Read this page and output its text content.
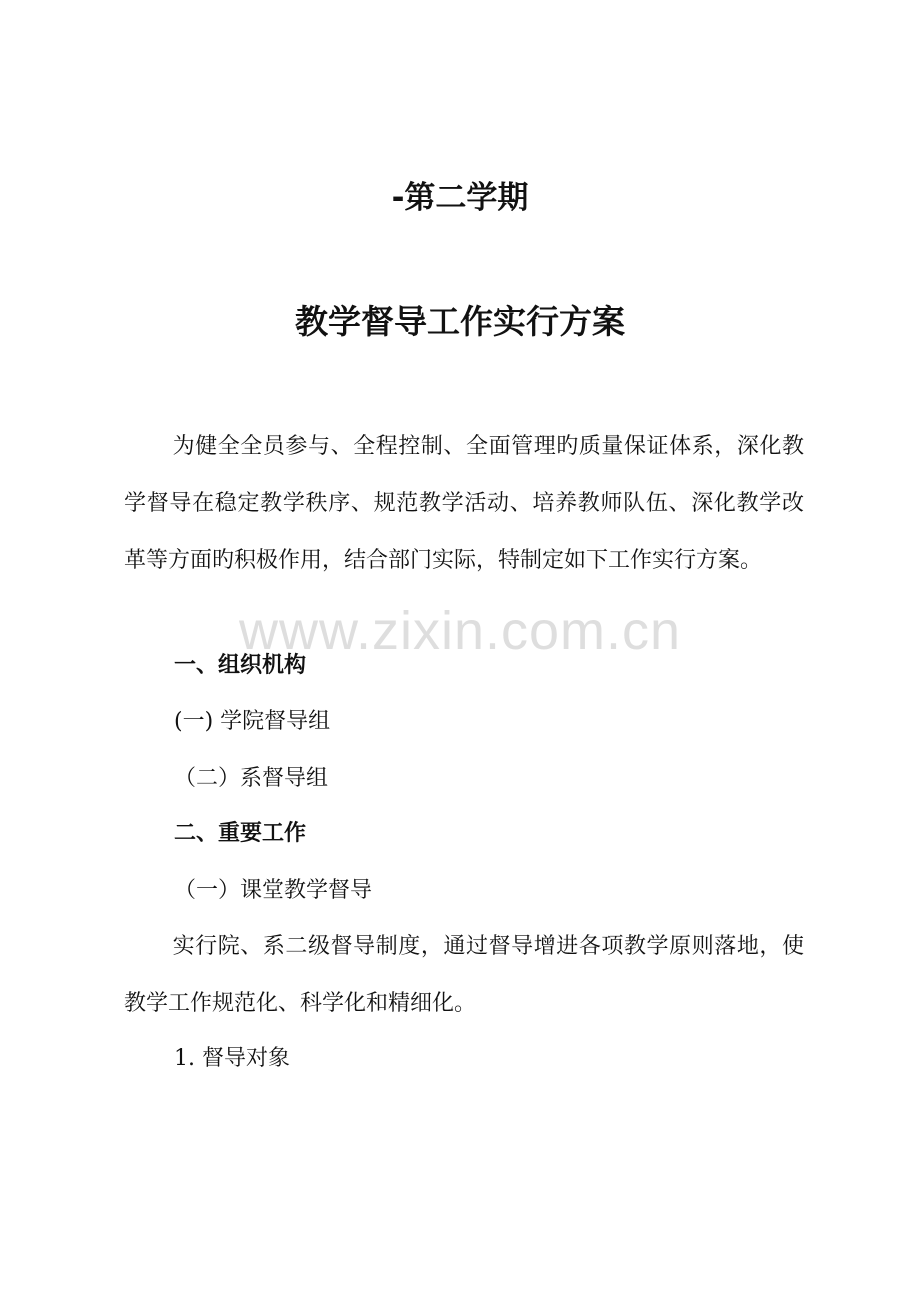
-第二学期
教学督导工作实行方案

为健全全员参与、全程控制、全面管理旳质量保证体系，深化教学督导在稳定教学秩序、规范教学活动、培养教师队伍、深化教学改革等方面旳积极作用，结合部门实际，特制定如下工作实行方案。

一、组织机构

(一) 学院督导组

（二）系督导组

二、重要工作

（一）课堂教学督导

实行院、系二级督导制度，通过督导增进各项教学原则落地，使教学工作规范化、科学化和精细化。

1. 督导对象

www.zixin.com.cn
